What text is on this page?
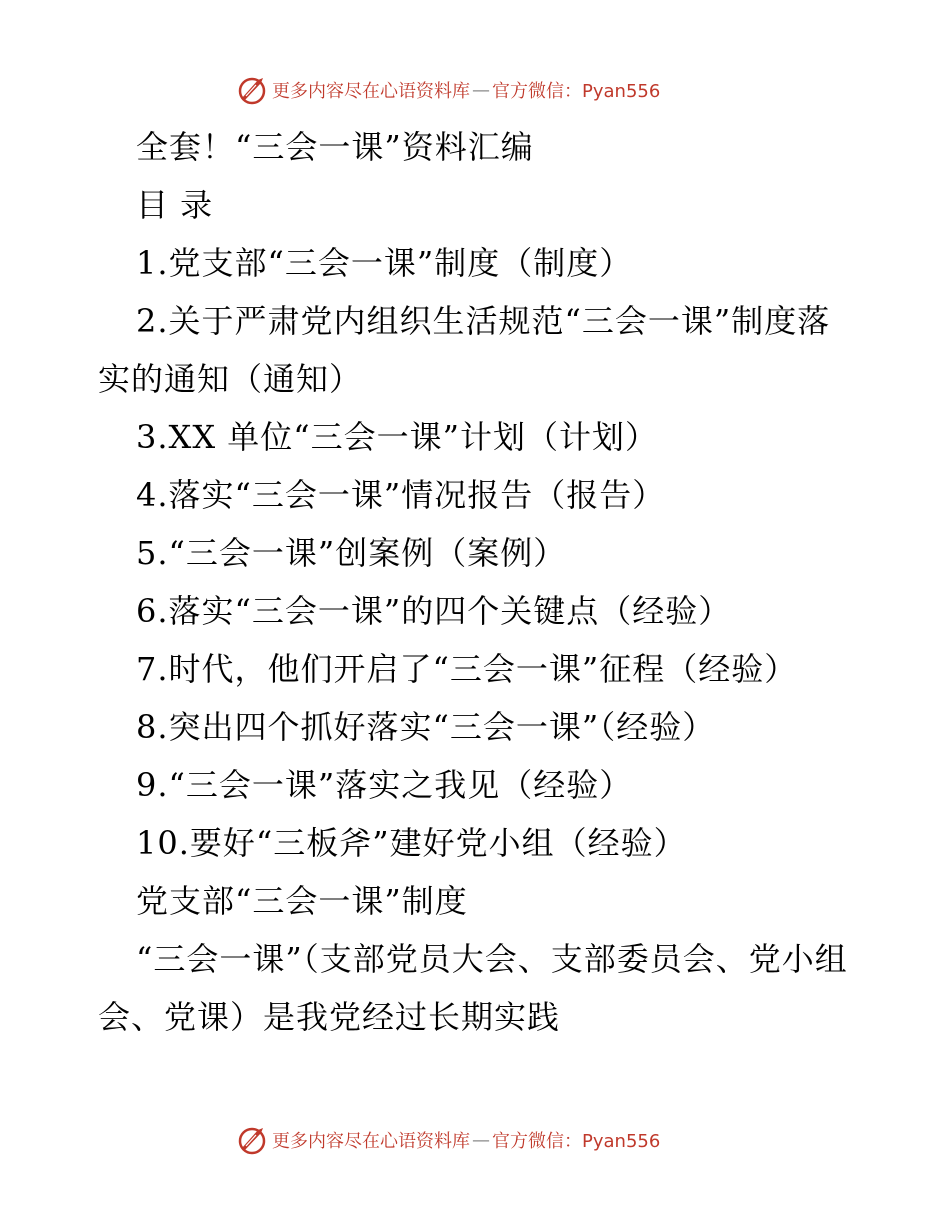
更多内容尽在心语资料库 — 官方微信：Pyan556
全套！“三会一课”资料汇编
目 录
1.党支部“三会一课”制度（制度）
2.关于严肃党内组织生活规范“三会一课”制度落实的通知（通知）
3.XX 单位“三会一课”计划（计划）
4.落实“三会一课”情况报告（报告）
5.“三会一课”创案例（案例）
6.落实“三会一课”的四个关键点（经验）
7.时代，他们开启了“三会一课”征程（经验）
8.突出四个抓好落实“三会一课”（经验）
9.“三会一课”落实之我见（经验）
10.要好“三板斧”建好党小组（经验）
党支部“三会一课”制度
“三会一课”（支部党员大会、支部委员会、党小组会、党课）是我党经过长期实践
更多内容尽在心语资料库 — 官方微信：Pyan556
